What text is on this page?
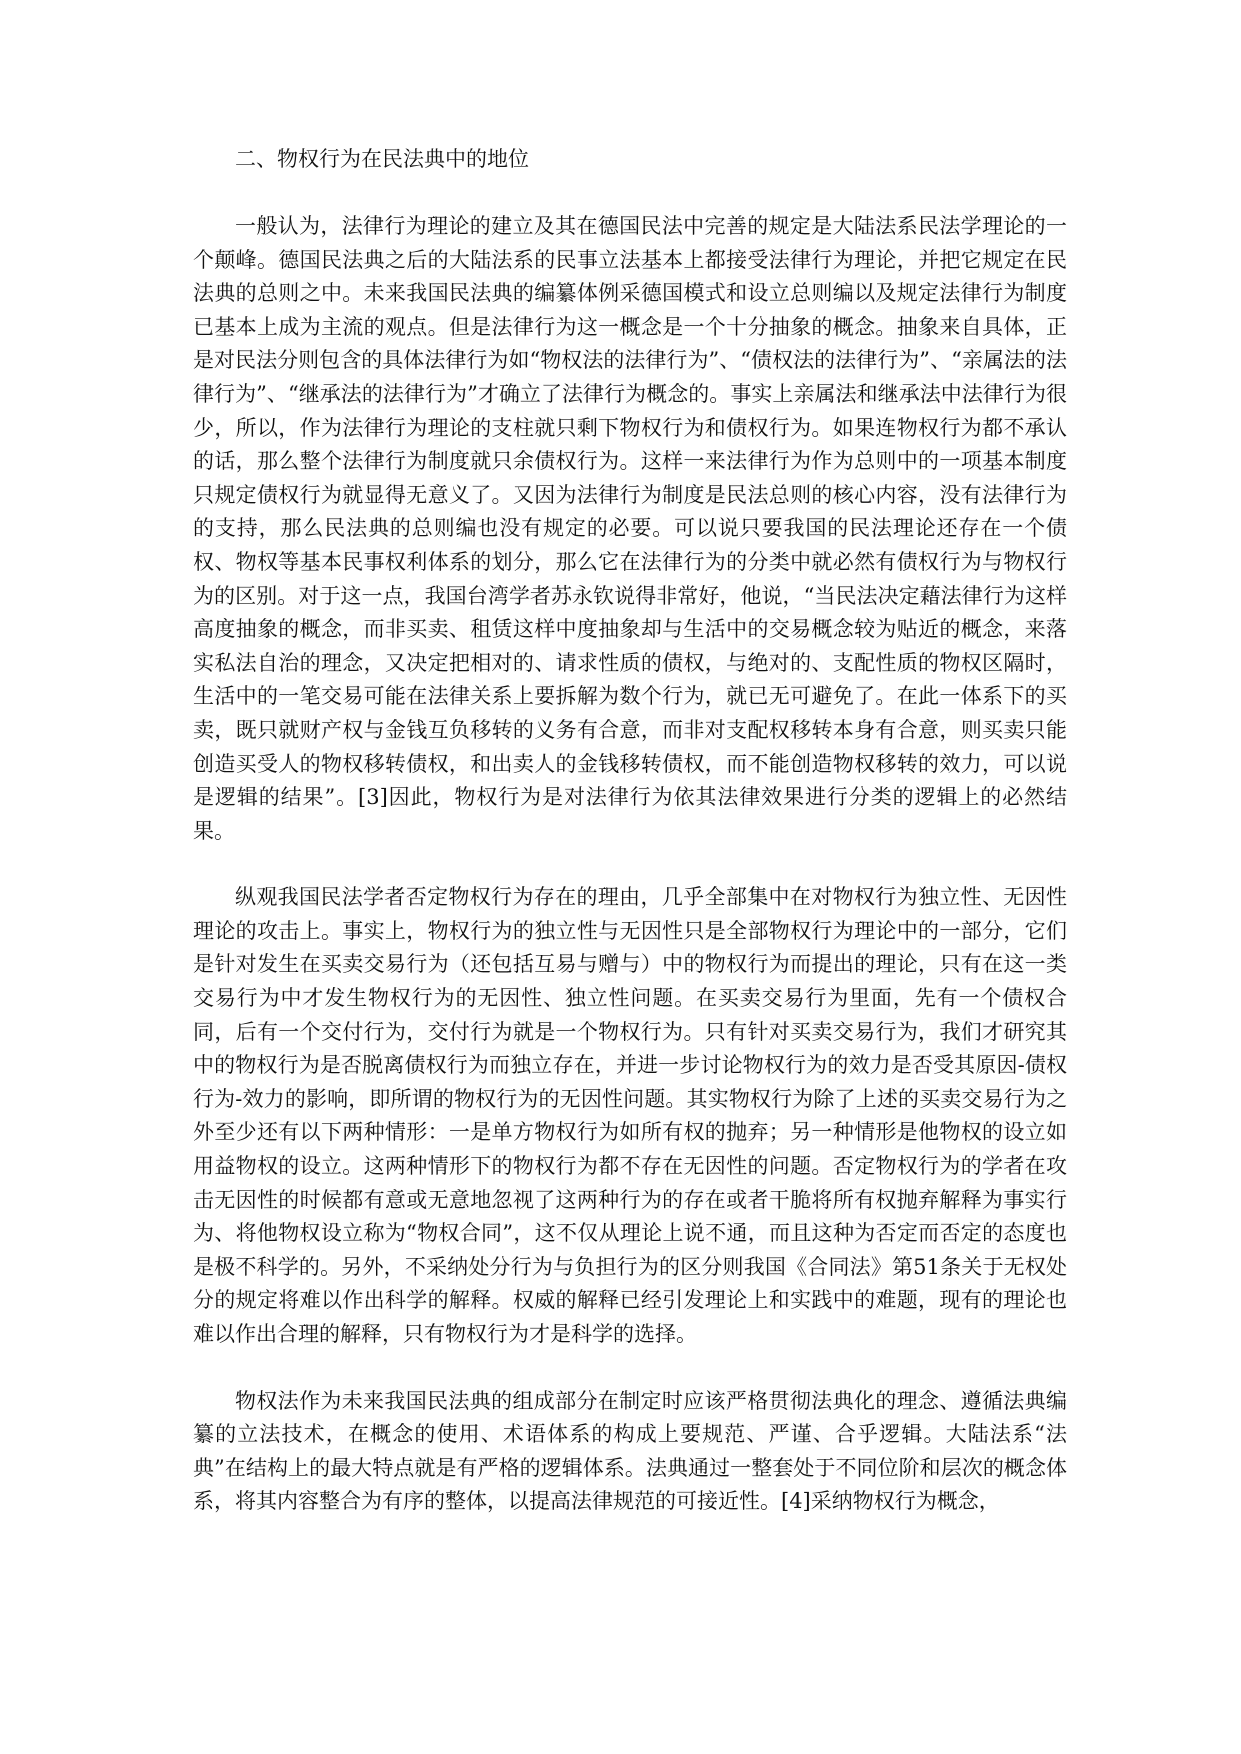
二、物权行为在民法典中的地位

一般认为，法律行为理论的建立及其在德国民法中完善的规定是大陆法系民法学理论的一个颠峰。德国民法典之后的大陆法系的民事立法基本上都接受法律行为理论，并把它规定在民法典的总则之中。未来我国民法典的编纂体例采德国模式和设立总则编以及规定法律行为制度已基本上成为主流的观点。但是法律行为这一概念是一个十分抽象的概念。抽象来自具体，正是对民法分则包含的具体法律行为如“物权法的法律行为”、“债权法的法律行为”、“亲属法的法律行为”、“继承法的法律行为”才确立了法律行为概念的。事实上亲属法和继承法中法律行为很少，所以，作为法律行为理论的支柱就只剩下物权行为和债权行为。如果连物权行为都不承认的话，那么整个法律行为制度就只余债权行为。这样一来法律行为作为总则中的一项基本制度只规定债权行为就显得无意义了。又因为法律行为制度是民法总则的核心内容，没有法律行为的支持，那么民法典的总则编也没有规定的必要。可以说只要我国的民法理论还存在一个债权、物权等基本民事权利体系的划分，那么它在法律行为的分类中就必然有债权行为与物权行为的区别。对于这一点，我国台湾学者苏永钦说得非常好，他说，“当民法决定藉法律行为这样高度抽象的概念，而非买卖、租赁这样中度抽象却与生活中的交易概念较为贴近的概念，来落实私法自治的理念，又决定把相对的、请求性质的债权，与绝对的、支配性质的物权区隔时，生活中的一笔交易可能在法律关系上要拆解为数个行为，就已无可避免了。在此一体系下的买卖，既只就财产权与金钱互负移转的义务有合意，而非对支配权移转本身有合意，则买卖只能创造买受人的物权移转债权，和出卖人的金钱移转债权，而不能创造物权移转的效力，可以说是逻辑的结果”。[3]因此，物权行为是对法律行为依其法律效果进行分类的逻辑上的必然结果。

纵观我国民法学者否定物权行为存在的理由，几乎全部集中在对物权行为独立性、无因性理论的攻击上。事实上，物权行为的独立性与无因性只是全部物权行为理论中的一部分，它们是针对发生在买卖交易行为（还包括互易与赠与）中的物权行为而提出的理论，只有在这一类交易行为中才发生物权行为的无因性、独立性问题。在买卖交易行为里面，先有一个债权合同，后有一个交付行为，交付行为就是一个物权行为。只有针对买卖交易行为，我们才研究其中的物权行为是否脱离债权行为而独立存在，并进一步讨论物权行为的效力是否受其原因-债权行为-效力的影响，即所谓的物权行为的无因性问题。其实物权行为除了上述的买卖交易行为之外至少还有以下两种情形：一是单方物权行为如所有权的抛弃；另一种情形是他物权的设立如用益物权的设立。这两种情形下的物权行为都不存在无因性的问题。否定物权行为的学者在攻击无因性的时候都有意或无意地忽视了这两种行为的存在或者干脆将所有权抛弃解释为事实行为、将他物权设立称为“物权合同”，这不仅从理论上说不通，而且这种为否定而否定的态度也是极不科学的。另外，不采纳处分行为与负担行为的区分则我国《合同法》第51条关于无权处分的规定将难以作出科学的解释。权威的解释已经引发理论上和实践中的难题，现有的理论也难以作出合理的解释，只有物权行为才是科学的选择。

物权法作为未来我国民法典的组成部分在制定时应该严格贯彻法典化的理念、遵循法典编纂的立法技术，在概念的使用、术语体系的构成上要规范、严谨、合乎逻辑。大陆法系“法典”在结构上的最大特点就是有严格的逻辑体系。法典通过一整套处于不同位阶和层次的概念体系，将其内容整合为有序的整体，以提高法律规范的可接近性。[4]采纳物权行为概念，
